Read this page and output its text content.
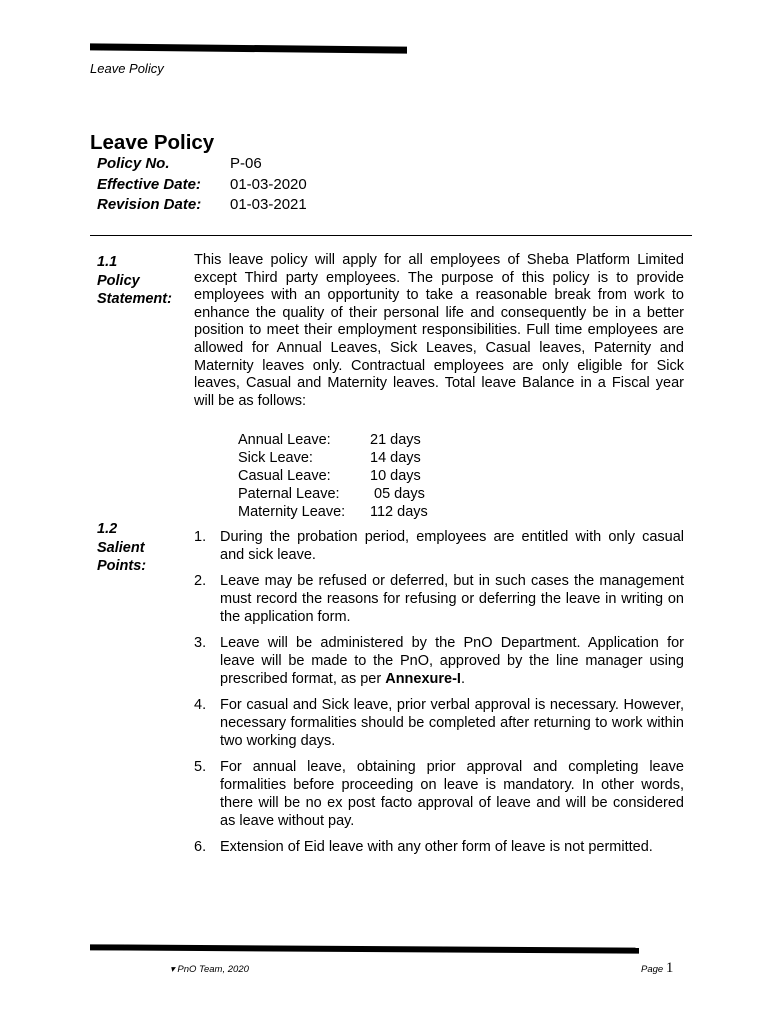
Leave Policy
Leave Policy
Policy No.	P-06
Effective Date:	01-03-2020
Revision Date:	01-03-2021
1.1
Policy
Statement:
This leave policy will apply for all employees of Sheba Platform Limited except Third party employees. The purpose of this policy is to provide employees with an opportunity to take a reasonable break from work to enhance the quality of their personal life and consequently be in a better position to meet their employment responsibilities. Full time employees are allowed for Annual Leaves, Sick Leaves, Casual leaves, Paternity and Maternity leaves only. Contractual employees are only eligible for Sick leaves, Casual and Maternity leaves. Total leave Balance in a Fiscal year will be as follows:
Annual Leave:	21 days
Sick Leave:	14 days
Casual Leave:	10 days
Paternal Leave:	05 days
Maternity Leave:	112 days
1.2
Salient
Points:
1. During the probation period, employees are entitled with only casual and sick leave.
2. Leave may be refused or deferred, but in such cases the management must record the reasons for refusing or deferring the leave in writing on the application form.
3. Leave will be administered by the PnO Department. Application for leave will be made to the PnO, approved by the line manager using prescribed format, as per Annexure-I.
4. For casual and Sick leave, prior verbal approval is necessary. However, necessary formalities should be completed after returning to work within two working days.
5. For annual leave, obtaining prior approval and completing leave formalities before proceeding on leave is mandatory. In other words, there will be no ex post facto approval of leave and will be considered as leave without pay.
6. Extension of Eid leave with any other form of leave is not permitted.
▾ PnO Team, 2020	Page 1
